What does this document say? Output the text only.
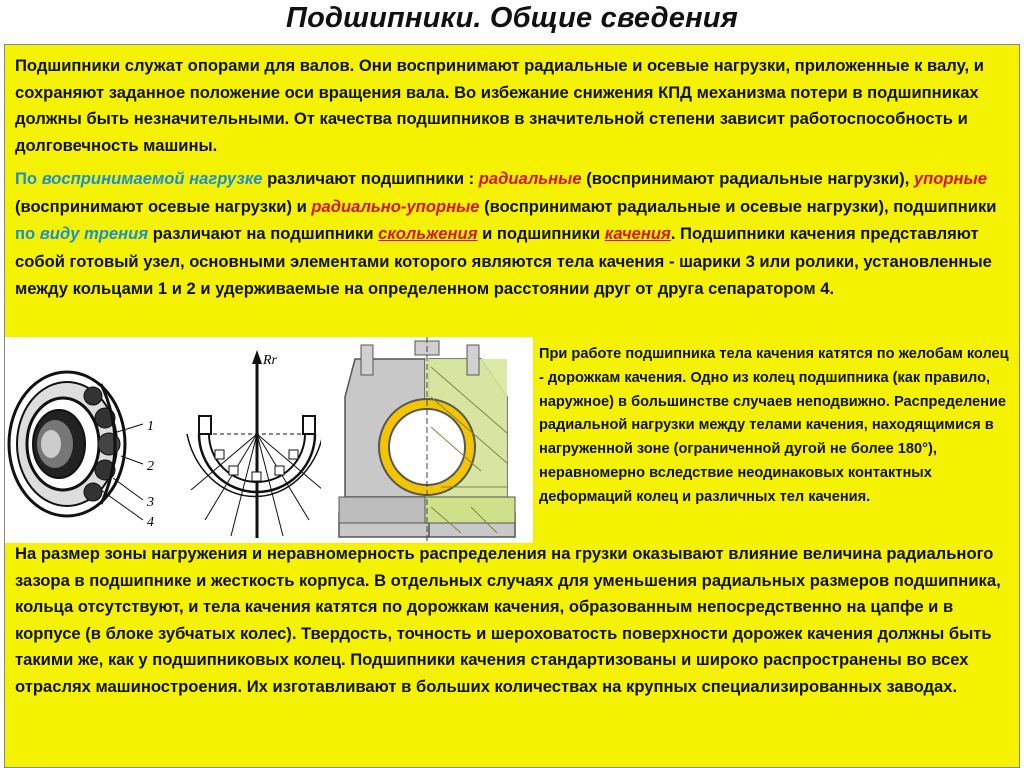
Подшипники. Общие сведения
Подшипники служат опорами для валов. Они воспринимают радиальные и осевые нагрузки, приложенные к валу, и сохраняют заданное положение оси вращения вала. Во избежание снижения КПД механизма потери в подшипниках должны быть незначительными. От качества подшипников в значительной степени зависит работоспособность и долговечность машины.
По воспринимаемой нагрузке различают подшипники : радиальные (воспринимают радиальные нагрузки), упорные (воспринимают осевые нагрузки) и радиально-упорные (воспринимают радиальные и осевые нагрузки), подшипники по виду трения различают на подшипники скольжения и подшипники качения. Подшипники качения представляют собой готовый узел, основными элементами которого являются тела качения - шарики 3 или ролики, установленные между кольцами 1 и 2 и удерживаемые на определенном расстоянии друг от друга сепаратором 4.
1
2
3
4
Rr	При работе подшипника тела качения катятся по желобам колец - дорожкам качения. Одно из колец подшипника (как правило, наружное) в большинстве случаев неподвижно. Распределение радиальной нагрузки между телами качения, находящимися в нагруженной зоне (ограниченной дугой не более 180°), неравномерно вследствие неодинаковых контактных деформаций колец и различных тел качения.
На размер зоны нагружения и неравномерность распределения на грузки оказывают влияние величина радиального зазора в подшипнике и жесткость корпуса. В отдельных случаях для уменьшения радиальных размеров подшипника, кольца отсутствуют, и тела качения катятся по дорожкам качения, образованным непосредственно на цапфе и в корпусе (в блоке зубчатых колес). Твердость, точность и шероховатость поверхности дорожек качения должны быть такими же, как у подшипниковых колец. Подшипники качения стандартизованы и широко распространены во всех отраслях машиностроения. Их изготавливают в больших количествах на крупных специализированных заводах.
